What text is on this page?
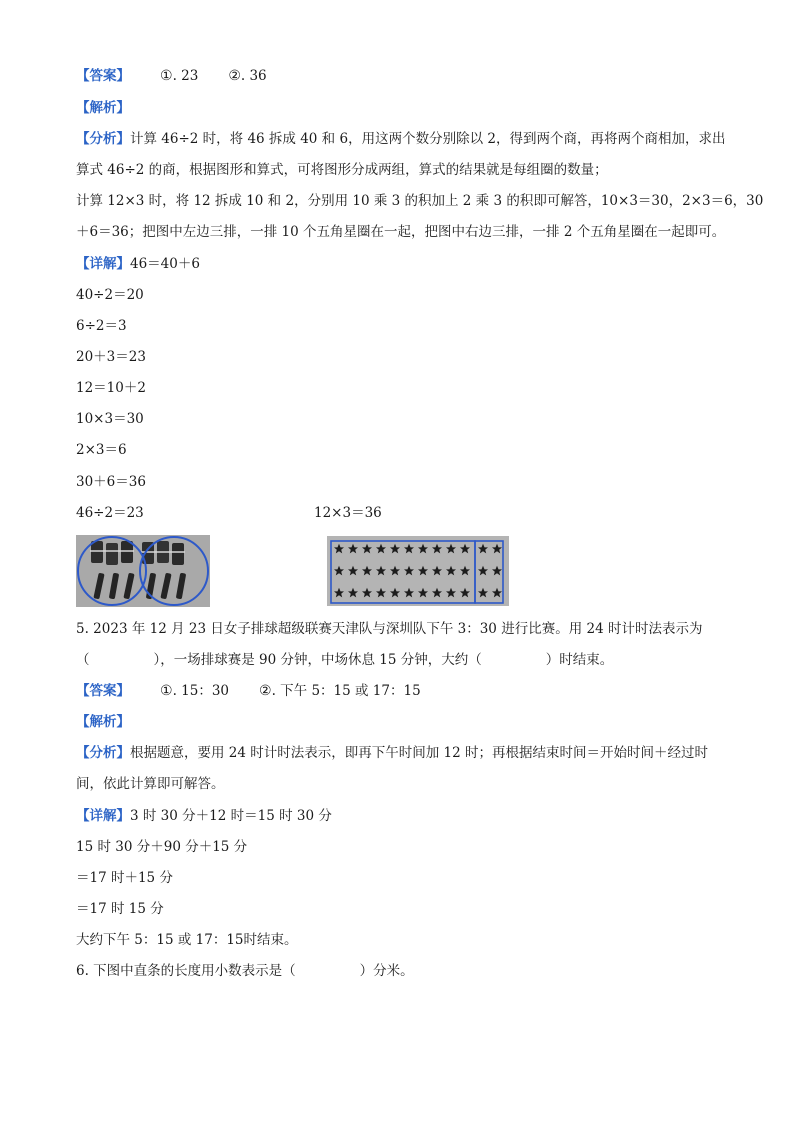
【答案】 ①. 23 ②. 36
【解析】
【分析】计算 46÷2 时，将 46 拆成 40 和 6，用这两个数分别除以 2，得到两个商，再将两个商相加，求出
算式 46÷2 的商，根据图形和算式，可将图形分成两组，算式的结果就是每组圈的数量；
计算 12×3 时，将 12 拆成 10 和 2，分别用 10 乘 3 的积加上 2 乘 3 的积即可解答，10×3＝30，2×3＝6，30
＋6＝36；把图中左边三排，一排 10 个五角星圈在一起，把图中右边三排，一排 2 个五角星圈在一起即可。
【详解】46＝40＋6
40÷2＝20
6÷2＝3
20＋3＝23
12＝10＋2
10×3＝30
2×3＝6
30＋6＝36
46÷2＝23	12×3＝36
5. 2023 年 12 月 23 日女子排球超级联赛天津队与深圳队下午 3：30 进行比赛。用 24 时计时法表示为
（	），一场排球赛是 90 分钟，中场休息 15 分钟，大约（	）时结束。
【答案】 ①. 15：30 ②. 下午 5：15 或 17：15
【解析】
【分析】根据题意，要用 24 时计时法表示，即再下午时间加 12 时；再根据结束时间＝开始时间＋经过时
间，依此计算即可解答。
【详解】3 时 30 分＋12 时＝15 时 30 分
15 时 30 分＋90 分＋15 分
＝17 时＋15 分
＝17 时 15 分
大约下午 5：15 或 17：15时结束。
6. 下图中直条的长度用小数表示是（	）分米。
